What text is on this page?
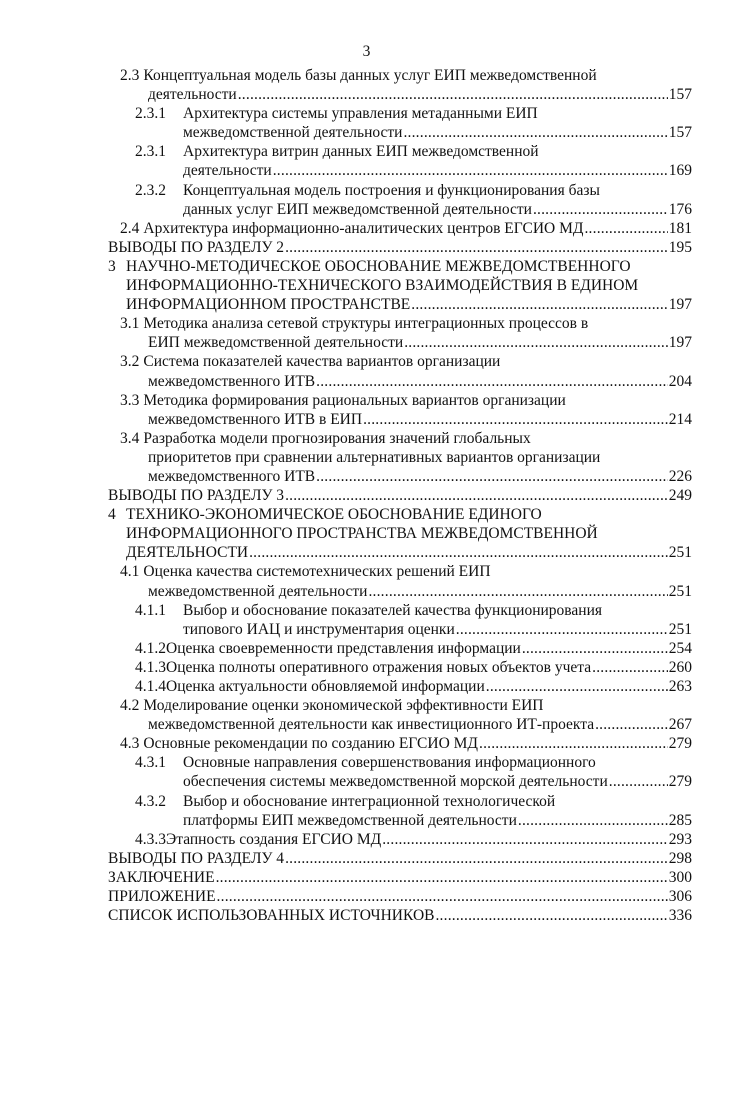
3
2.3 Концептуальная модель базы данных услуг ЕИП межведомственной
деятельности .....	157
2.3.1	Архитектура системы управления метаданными ЕИП
межведомственной деятельности .....	157
2.3.1	Архитектура витрин данных ЕИП межведомственной
деятельности .....	169
2.3.2	Концептуальная модель построения и функционирования базы
данных услуг ЕИП межведомственной деятельности .....	176
2.4 Архитектура информационно-аналитических центров ЕГСИО МД .....	181
ВЫВОДЫ ПО РАЗДЕЛУ 2 .....	195
3 НАУЧНО-МЕТОДИЧЕСКОЕ ОБОСНОВАНИЕ МЕЖВЕДОМСТВЕННОГО
ИНФОРМАЦИОННО-ТЕХНИЧЕСКОГО ВЗАИМОДЕЙСТВИЯ В ЕДИНОМ
ИНФОРМАЦИОННОМ ПРОСТРАНСТВЕ .....	197
3.1 Методика анализа сетевой структуры интеграционных процессов в
ЕИП межведомственной деятельности .....	197
3.2 Система показателей качества вариантов организации
межведомственного ИТВ .....	204
3.3 Методика формирования рациональных вариантов организации
межведомственного ИТВ в ЕИП .....	214
3.4 Разработка модели прогнозирования значений глобальных
приоритетов при сравнении альтернативных вариантов организации
межведомственного ИТВ .....	226
ВЫВОДЫ ПО РАЗДЕЛУ 3 .....	249
4 ТЕХНИКО-ЭКОНОМИЧЕСКОЕ ОБОСНОВАНИЕ ЕДИНОГО
ИНФОРМАЦИОННОГО ПРОСТРАНСТВА МЕЖВЕДОМСТВЕННОЙ
ДЕЯТЕЛЬНОСТИ .....	251
4.1 Оценка качества системотехнических решений ЕИП
межведомственной деятельности .....	251
4.1.1	Выбор и обоснование показателей качества функционирования
типового ИАЦ и инструментария оценки .....	251
4.1.2 Оценка своевременности представления информации .....	254
4.1.3 Оценка полноты оперативного отражения новых объектов учета .....	260
4.1.4 Оценка актуальности обновляемой информации .....	263
4.2 Моделирование оценки экономической эффективности ЕИП
межведомственной деятельности как инвестиционного ИТ-проекта .....	267
4.3 Основные рекомендации по созданию ЕГСИО МД .....	279
4.3.1	Основные направления совершенствования информационного
обеспечения системы межведомственной морской деятельности .....	279
4.3.2	Выбор и обоснование интеграционной технологической
платформы ЕИП межведомственной деятельности .....	285
4.3.3 Этапность создания ЕГСИО МД .....	293
ВЫВОДЫ ПО РАЗДЕЛУ 4 .....	298
ЗАКЛЮЧЕНИЕ .....	300
ПРИЛОЖЕНИЕ .....	306
СПИСОК ИСПОЛЬЗОВАННЫХ ИСТОЧНИКОВ .....	336
